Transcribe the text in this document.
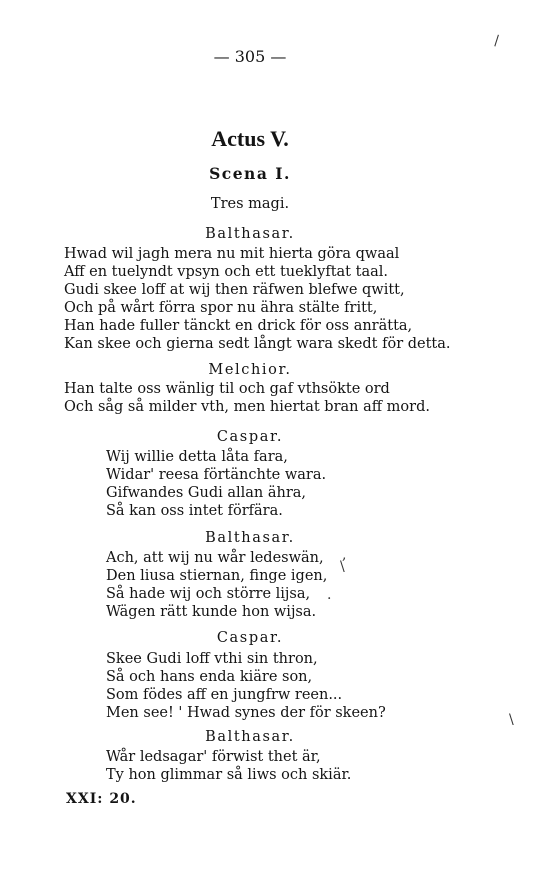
— 305 —
Actus V.
Scena I.
Tres magi.
Balthasar.
Hwad wil jagh mera nu mit hierta göra qwaal
Aff en tuelyndt vpsyn och ett tueklyftat taal.
Gudi skee loff at wij then räfwen blefwe qwitt,
Och på wårt förra spor nu ähra stälte fritt,
Han hade fuller tänckt en drick för oss anrätta,
Kan skee och gierna sedt långt wara skedt för detta.
Melchior.
Han talte oss wänlig til och gaf vthsökte ord
Och såg så milder vth, men hiertat bran aff mord.
Caspar.
Wij willie detta låta fara,
Widar' reesa förtänchte wara.
Gifwandes Gudi allan ähra,
Så kan oss intet förfära.
Balthasar.
Ach, att wij nu wår ledeswän,
Den liusa stiernan, finge igen,
Så hade wij och större lijsa,
Wägen rätt kunde hon wijsa.
Caspar.
Skee Gudi loff vthi sin thron,
Så och hans enda kiäre son,
Som födes aff en jungfrw reen...
Men see! ' Hwad synes der för skeen?
Balthasar.
Wår ledsagar' förwist thet är,
Ty hon glimmar så liws och skiär.
XXI: 20.
\
\
,
\
.
